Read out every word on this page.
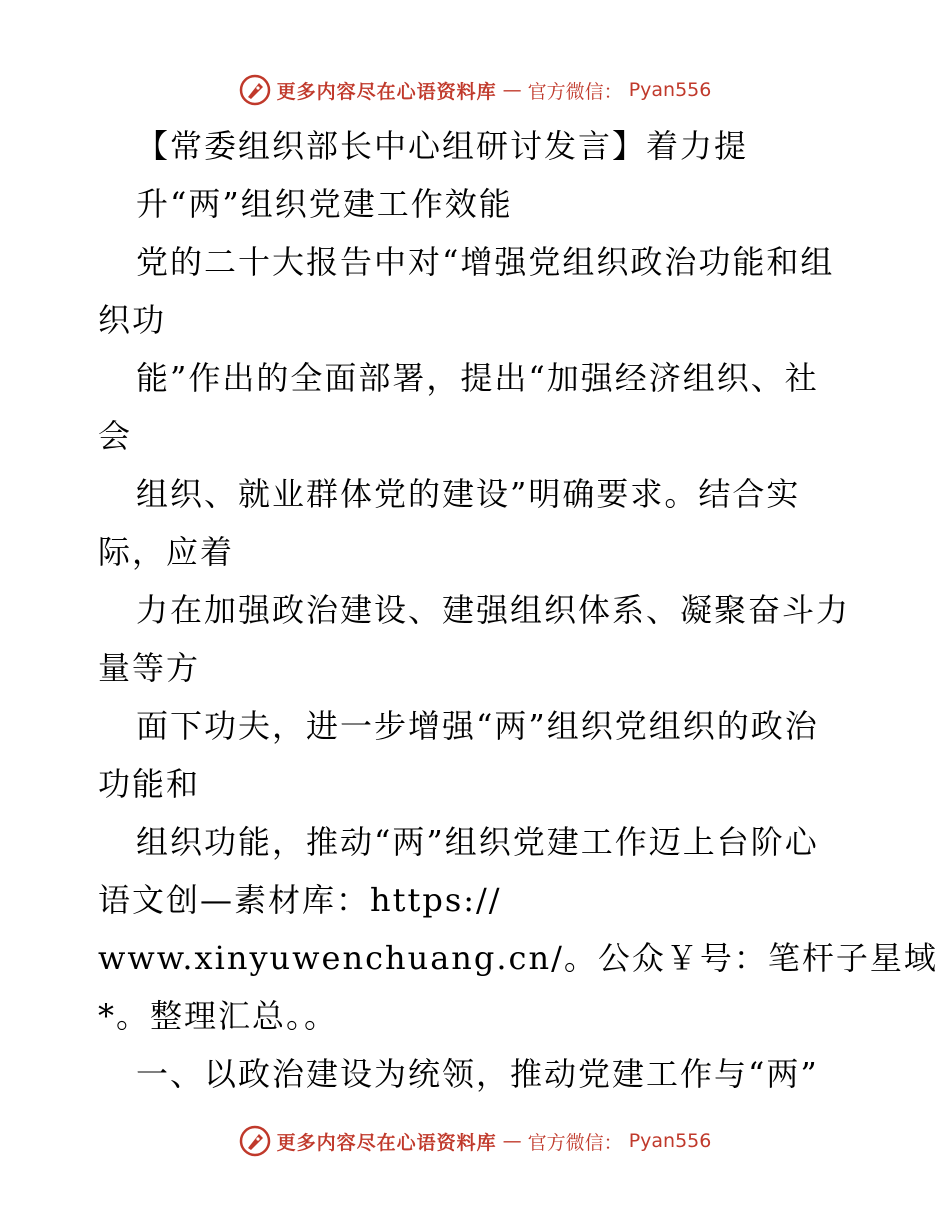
更多内容尽在心语资料库 — 官方微信： Pyan556
【常委组织部长中心组研讨发言】着力提
升“两”组织党建工作效能
党的二十大报告中对“增强党组织政治功能和组
织功
能”作出的全面部署，提出“加强经济组织、社
会
组织、就业群体党的建设”明确要求。结合实
际，应着
力在加强政治建设、建强组织体系、凝聚奋斗力
量等方
面下功夫，进一步增强“两”组织党组织的政治
功能和
组织功能，推动“两”组织党建工作迈上台阶心
语文创—素材库：https://
www.xinyuwenchuang.cn/。公众￥号：笔杆子星域
*。整理汇总。。
一、以政治建设为统领，推动党建工作与“两”
更多内容尽在心语资料库 — 官方微信： Pyan556
